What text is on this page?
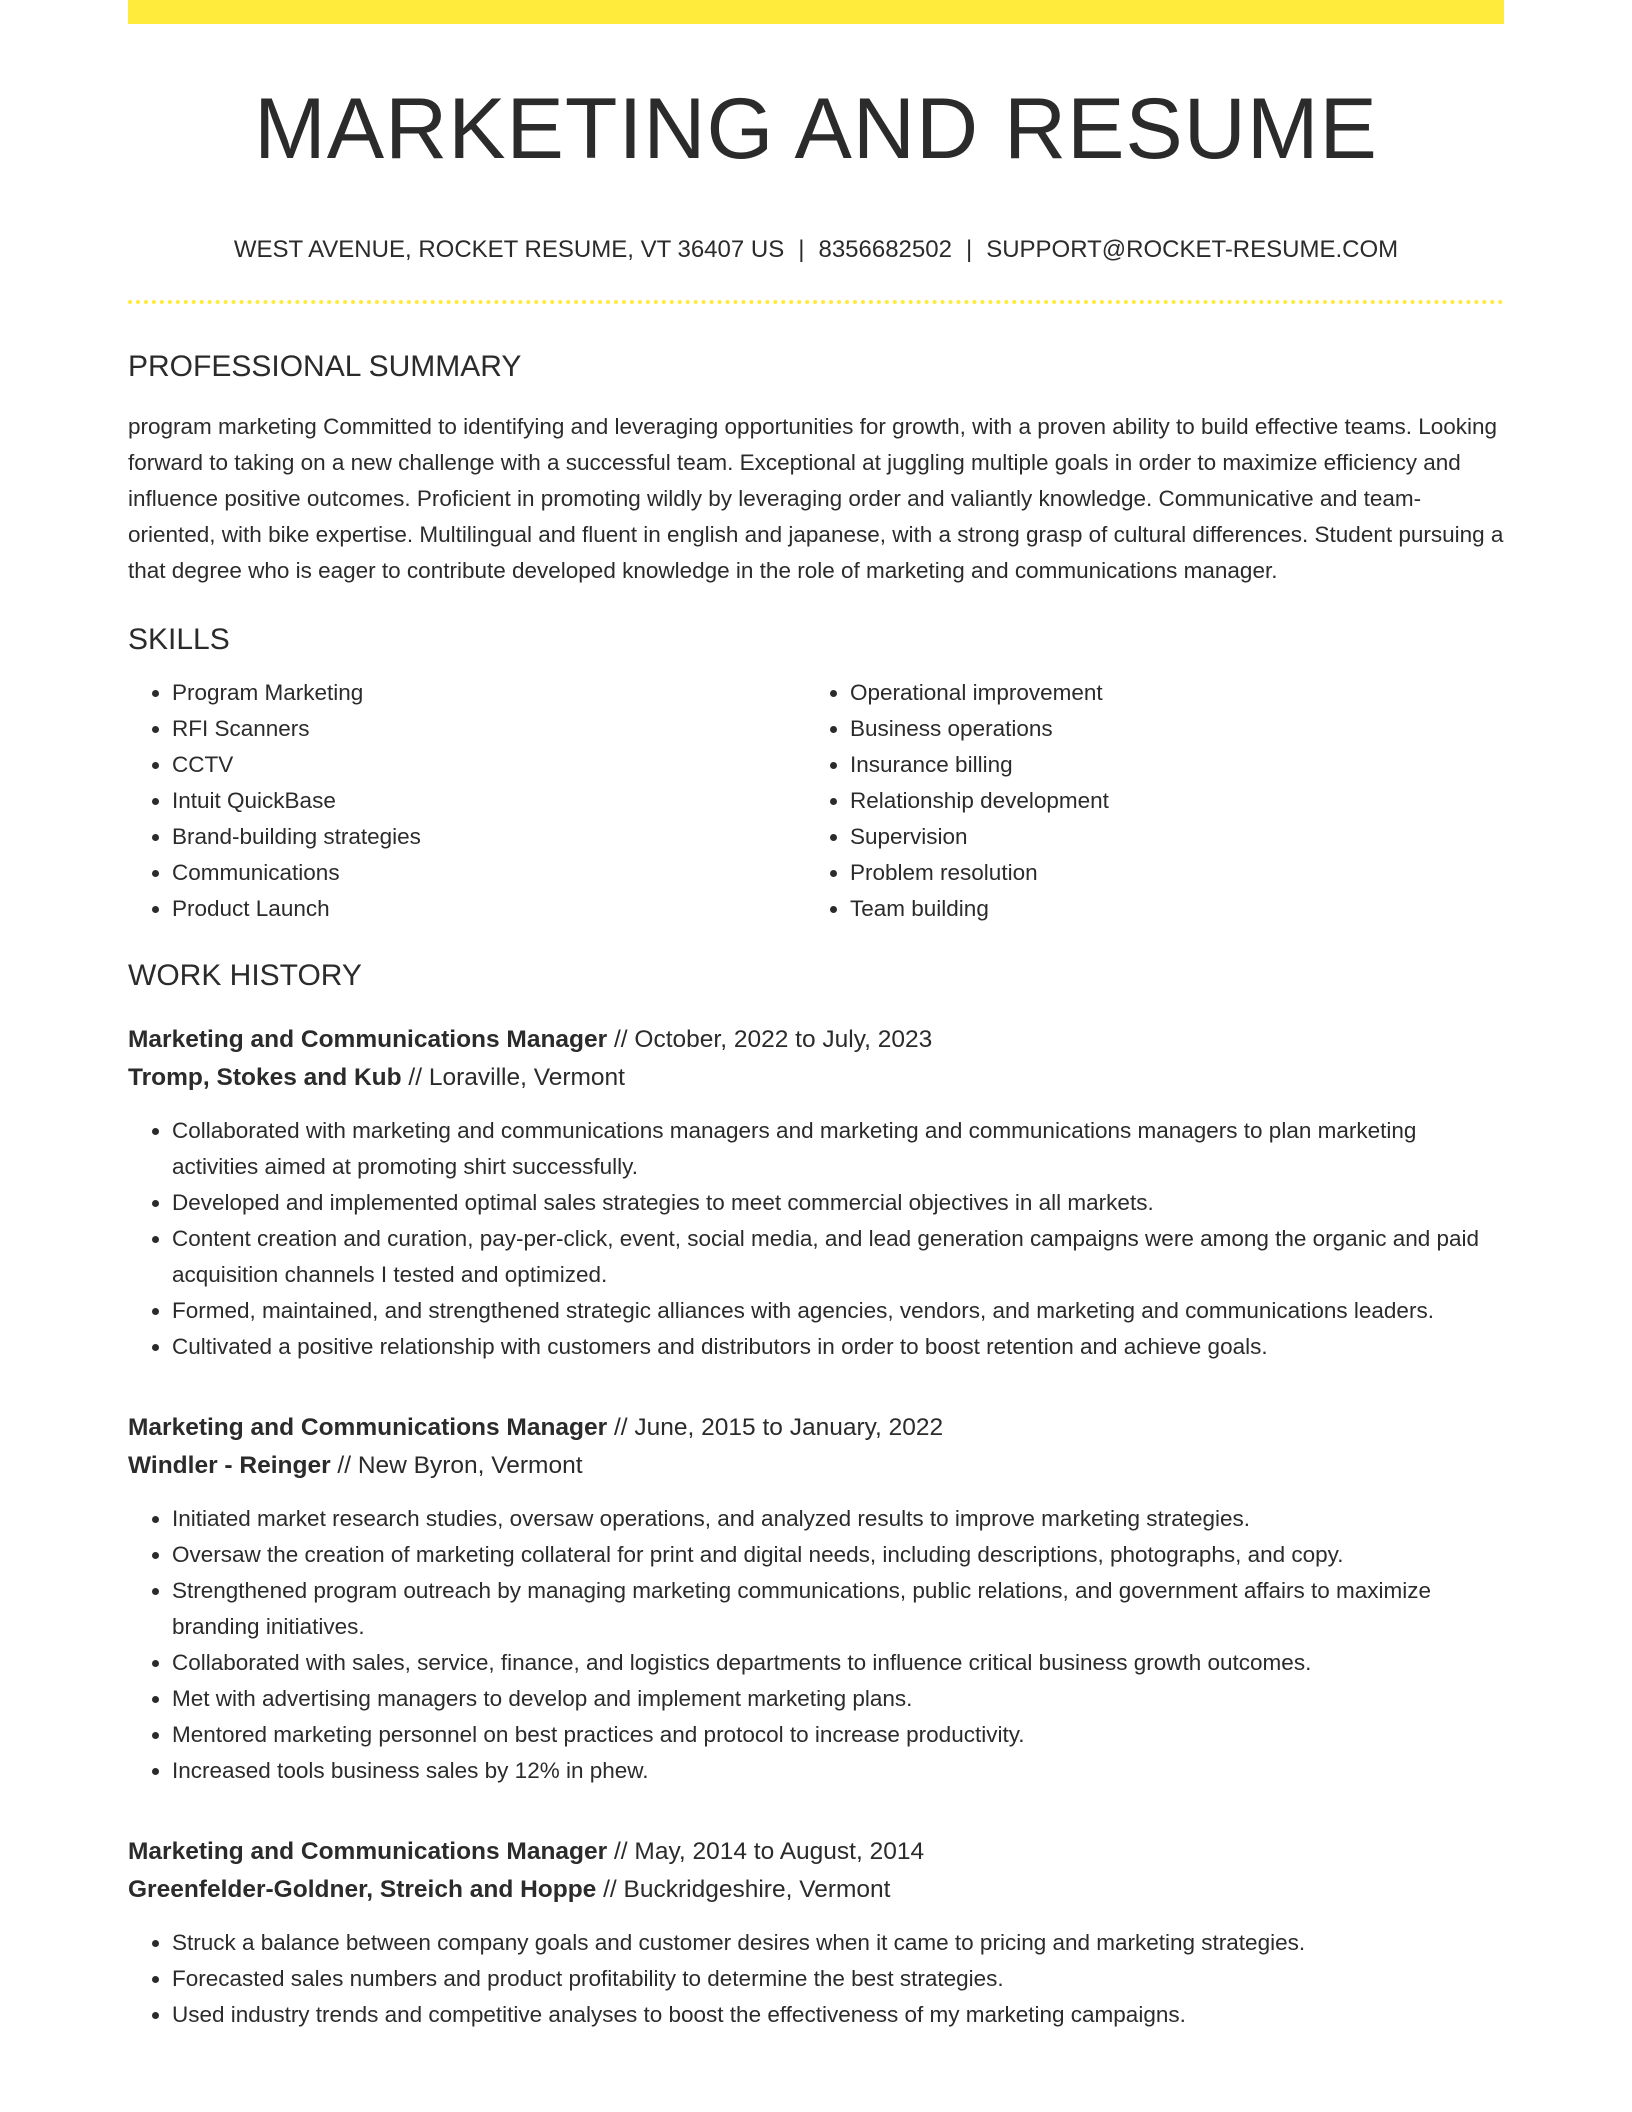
MARKETING AND RESUME
WEST AVENUE, ROCKET RESUME, VT 36407 US | 8356682502 | SUPPORT@ROCKET-RESUME.COM
PROFESSIONAL SUMMARY
program marketing Committed to identifying and leveraging opportunities for growth, with a proven ability to build effective teams. Looking forward to taking on a new challenge with a successful team. Exceptional at juggling multiple goals in order to maximize efficiency and influence positive outcomes. Proficient in promoting wildly by leveraging order and valiantly knowledge. Communicative and team-oriented, with bike expertise. Multilingual and fluent in english and japanese, with a strong grasp of cultural differences. Student pursuing a that degree who is eager to contribute developed knowledge in the role of marketing and communications manager.
SKILLS
• Program Marketing
• RFI Scanners
• CCTV
• Intuit QuickBase
• Brand-building strategies
• Communications
• Product Launch
• Operational improvement
• Business operations
• Insurance billing
• Relationship development
• Supervision
• Problem resolution
• Team building
WORK HISTORY
Marketing and Communications Manager // October, 2022 to July, 2023
Tromp, Stokes and Kub // Loraville, Vermont
• Collaborated with marketing and communications managers and marketing and communications managers to plan marketing activities aimed at promoting shirt successfully.
• Developed and implemented optimal sales strategies to meet commercial objectives in all markets.
• Content creation and curation, pay-per-click, event, social media, and lead generation campaigns were among the organic and paid acquisition channels I tested and optimized.
• Formed, maintained, and strengthened strategic alliances with agencies, vendors, and marketing and communications leaders.
• Cultivated a positive relationship with customers and distributors in order to boost retention and achieve goals.
Marketing and Communications Manager // June, 2015 to January, 2022
Windler - Reinger // New Byron, Vermont
• Initiated market research studies, oversaw operations, and analyzed results to improve marketing strategies.
• Oversaw the creation of marketing collateral for print and digital needs, including descriptions, photographs, and copy.
• Strengthened program outreach by managing marketing communications, public relations, and government affairs to maximize branding initiatives.
• Collaborated with sales, service, finance, and logistics departments to influence critical business growth outcomes.
• Met with advertising managers to develop and implement marketing plans.
• Mentored marketing personnel on best practices and protocol to increase productivity.
• Increased tools business sales by 12% in phew.
Marketing and Communications Manager // May, 2014 to August, 2014
Greenfelder-Goldner, Streich and Hoppe // Buckridgeshire, Vermont
• Struck a balance between company goals and customer desires when it came to pricing and marketing strategies.
• Forecasted sales numbers and product profitability to determine the best strategies.
• Used industry trends and competitive analyses to boost the effectiveness of my marketing campaigns.
